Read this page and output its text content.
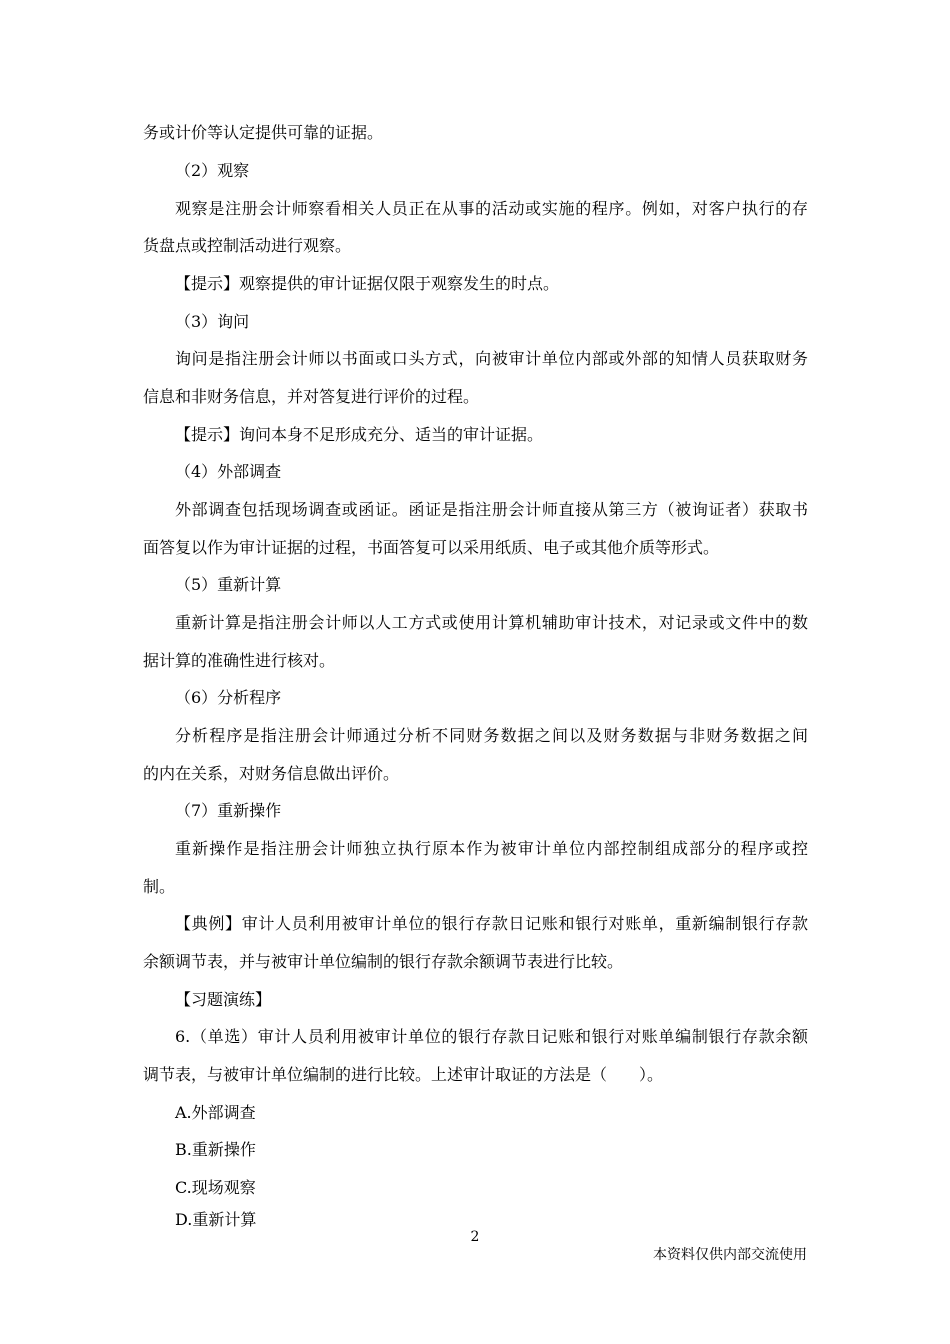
务或计价等认定提供可靠的证据。
（2）观察
观察是注册会计师察看相关人员正在从事的活动或实施的程序。例如，对客户执行的存
货盘点或控制活动进行观察。
【提示】观察提供的审计证据仅限于观察发生的时点。
（3）询问
询问是指注册会计师以书面或口头方式，向被审计单位内部或外部的知情人员获取财务
信息和非财务信息，并对答复进行评价的过程。
【提示】询问本身不足形成充分、适当的审计证据。
（4）外部调查
外部调查包括现场调查或函证。函证是指注册会计师直接从第三方（被询证者）获取书
面答复以作为审计证据的过程，书面答复可以采用纸质、电子或其他介质等形式。
（5）重新计算
重新计算是指注册会计师以人工方式或使用计算机辅助审计技术，对记录或文件中的数
据计算的准确性进行核对。
（6）分析程序
分析程序是指注册会计师通过分析不同财务数据之间以及财务数据与非财务数据之间
的内在关系，对财务信息做出评价。
（7）重新操作
重新操作是指注册会计师独立执行原本作为被审计单位内部控制组成部分的程序或控
制。
【典例】审计人员利用被审计单位的银行存款日记账和银行对账单，重新编制银行存款
余额调节表，并与被审计单位编制的银行存款余额调节表进行比较。
【习题演练】
6.（单选）审计人员利用被审计单位的银行存款日记账和银行对账单编制银行存款余额
调节表，与被审计单位编制的进行比较。上述审计取证的方法是（　　）。
A.外部调查
B.重新操作
C.现场观察
D.重新计算
2
本资料仅供内部交流使用
